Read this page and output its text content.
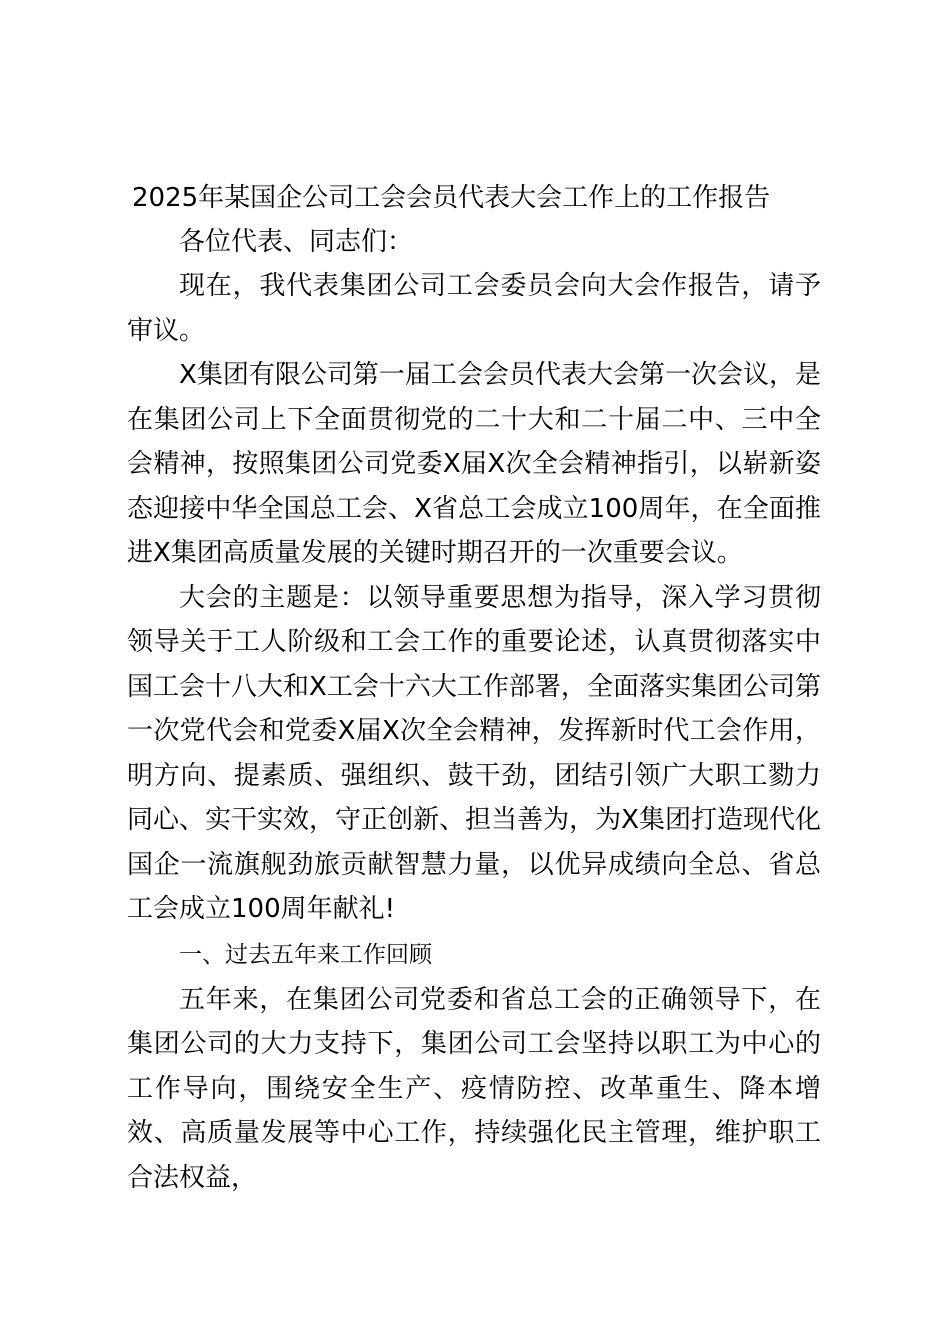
2025年某国企公司工会会员代表大会工作上的工作报告

各位代表、同志们：

现在，我代表集团公司工会委员会向大会作报告，请予审议。

X集团有限公司第一届工会会员代表大会第一次会议，是在集团公司上下全面贯彻党的二十大和二十届二中、三中全会精神，按照集团公司党委X届X次全会精神指引，以崭新姿态迎接中华全国总工会、X省总工会成立100周年，在全面推进X集团高质量发展的关键时期召开的一次重要会议。

大会的主题是：以领导重要思想为指导，深入学习贯彻领导关于工人阶级和工会工作的重要论述，认真贯彻落实中国工会十八大和X工会十六大工作部署，全面落实集团公司第一次党代会和党委X届X次全会精神，发挥新时代工会作用，明方向、提素质、强组织、鼓干劲，团结引领广大职工勠力同心、实干实效，守正创新、担当善为，为X集团打造现代化国企一流旗舰劲旅贡献智慧力量，以优异成绩向全总、省总工会成立100周年献礼!

一、过去五年来工作回顾

五年来，在集团公司党委和省总工会的正确领导下，在集团公司的大力支持下，集团公司工会坚持以职工为中心的工作导向，围绕安全生产、疫情防控、改革重生、降本增效、高质量发展等中心工作，持续强化民主管理，维护职工合法权益，
